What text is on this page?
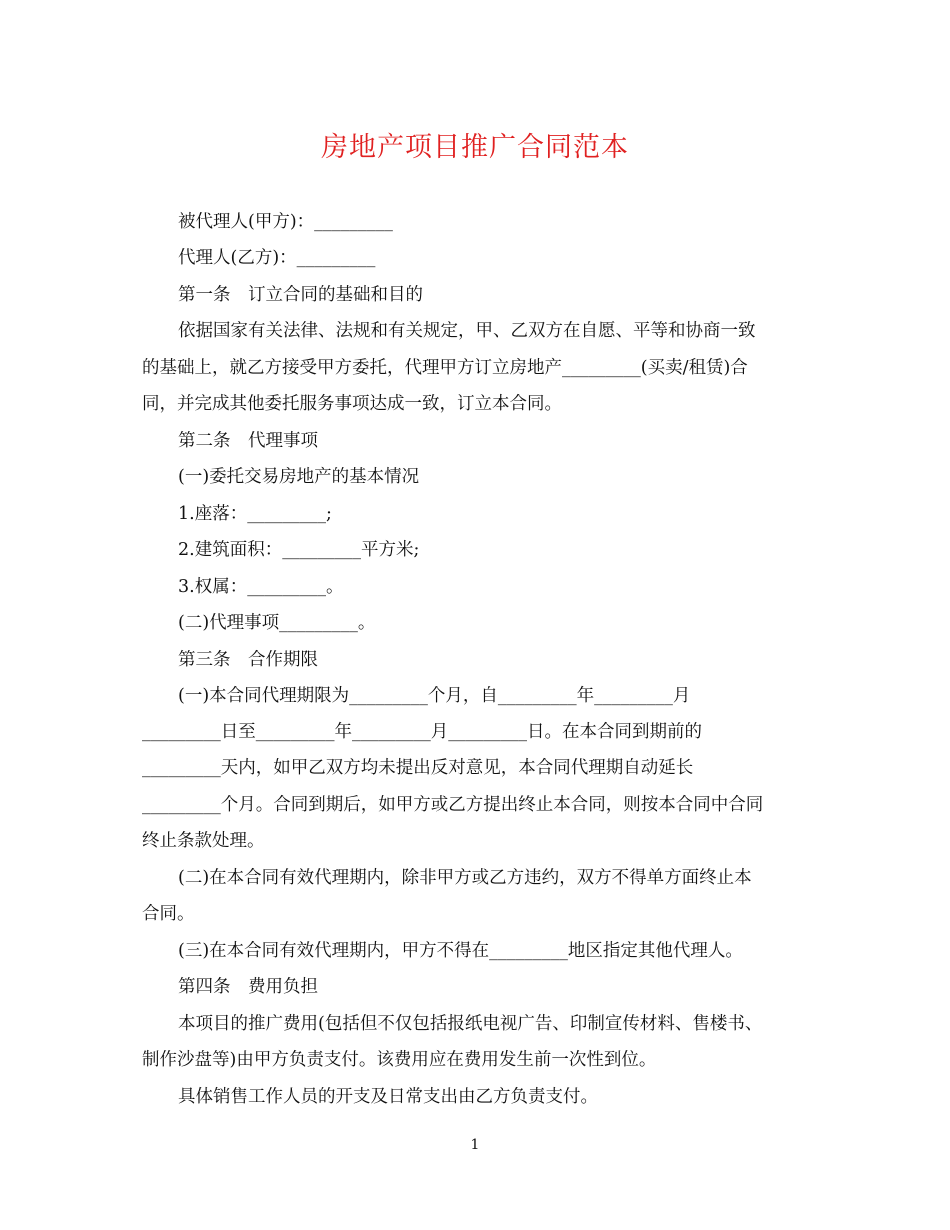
房地产项目推广合同范本
被代理人(甲方)：_________
代理人(乙方)：_________
第一条　订立合同的基础和目的
依据国家有关法律、法规和有关规定，甲、乙双方在自愿、平等和协商一致
的基础上，就乙方接受甲方委托，代理甲方订立房地产_________(买卖/租赁)合
同，并完成其他委托服务事项达成一致，订立本合同。
第二条　代理事项
(一)委托交易房地产的基本情况
1.座落：_________;
2.建筑面积：_________平方米;
3.权属：_________。
(二)代理事项_________。
第三条　合作期限
(一)本合同代理期限为_________个月，自_________年_________月
_________日至_________年_________月_________日。在本合同到期前的
_________天内，如甲乙双方均未提出反对意见，本合同代理期自动延长
_________个月。合同到期后，如甲方或乙方提出终止本合同，则按本合同中合同
终止条款处理。
(二)在本合同有效代理期内，除非甲方或乙方违约，双方不得单方面终止本
合同。
(三)在本合同有效代理期内，甲方不得在_________地区指定其他代理人。
第四条　费用负担
本项目的推广费用(包括但不仅包括报纸电视广告、印制宣传材料、售楼书、
制作沙盘等)由甲方负责支付。该费用应在费用发生前一次性到位。
具体销售工作人员的开支及日常支出由乙方负责支付。
1
